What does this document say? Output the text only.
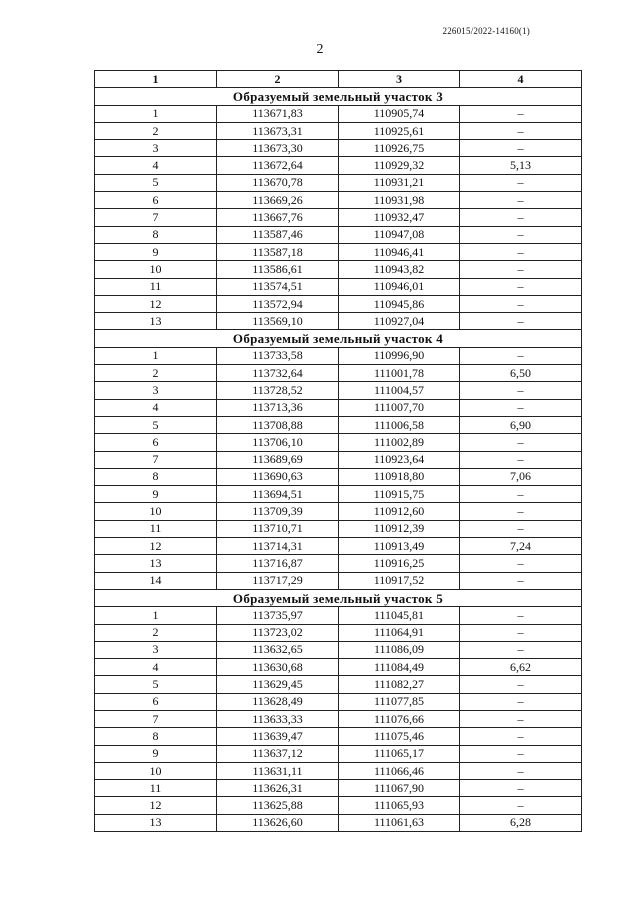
226015/2022-14160(1)
2
1	2	3	4
Образуемый земельный участок 3			
1	113671,83	110905,74	–
2	113673,31	110925,61	–
3	113673,30	110926,75	–
4	113672,64	110929,32	5,13
5	113670,78	110931,21	–
6	113669,26	110931,98	–
7	113667,76	110932,47	–
8	113587,46	110947,08	–
9	113587,18	110946,41	–
10	113586,61	110943,82	–
11	113574,51	110946,01	–
12	113572,94	110945,86	–
13	113569,10	110927,04	–
Образуемый земельный участок 4			
1	113733,58	110996,90	–
2	113732,64	111001,78	6,50
3	113728,52	111004,57	–
4	113713,36	111007,70	–
5	113708,88	111006,58	6,90
6	113706,10	111002,89	–
7	113689,69	110923,64	–
8	113690,63	110918,80	7,06
9	113694,51	110915,75	–
10	113709,39	110912,60	–
11	113710,71	110912,39	–
12	113714,31	110913,49	7,24
13	113716,87	110916,25	–
14	113717,29	110917,52	–
Образуемый земельный участок 5			
1	113735,97	111045,81	–
2	113723,02	111064,91	–
3	113632,65	111086,09	–
4	113630,68	111084,49	6,62
5	113629,45	111082,27	–
6	113628,49	111077,85	–
7	113633,33	111076,66	–
8	113639,47	111075,46	–
9	113637,12	111065,17	–
10	113631,11	111066,46	–
11	113626,31	111067,90	–
12	113625,88	111065,93	–
13	113626,60	111061,63	6,28
